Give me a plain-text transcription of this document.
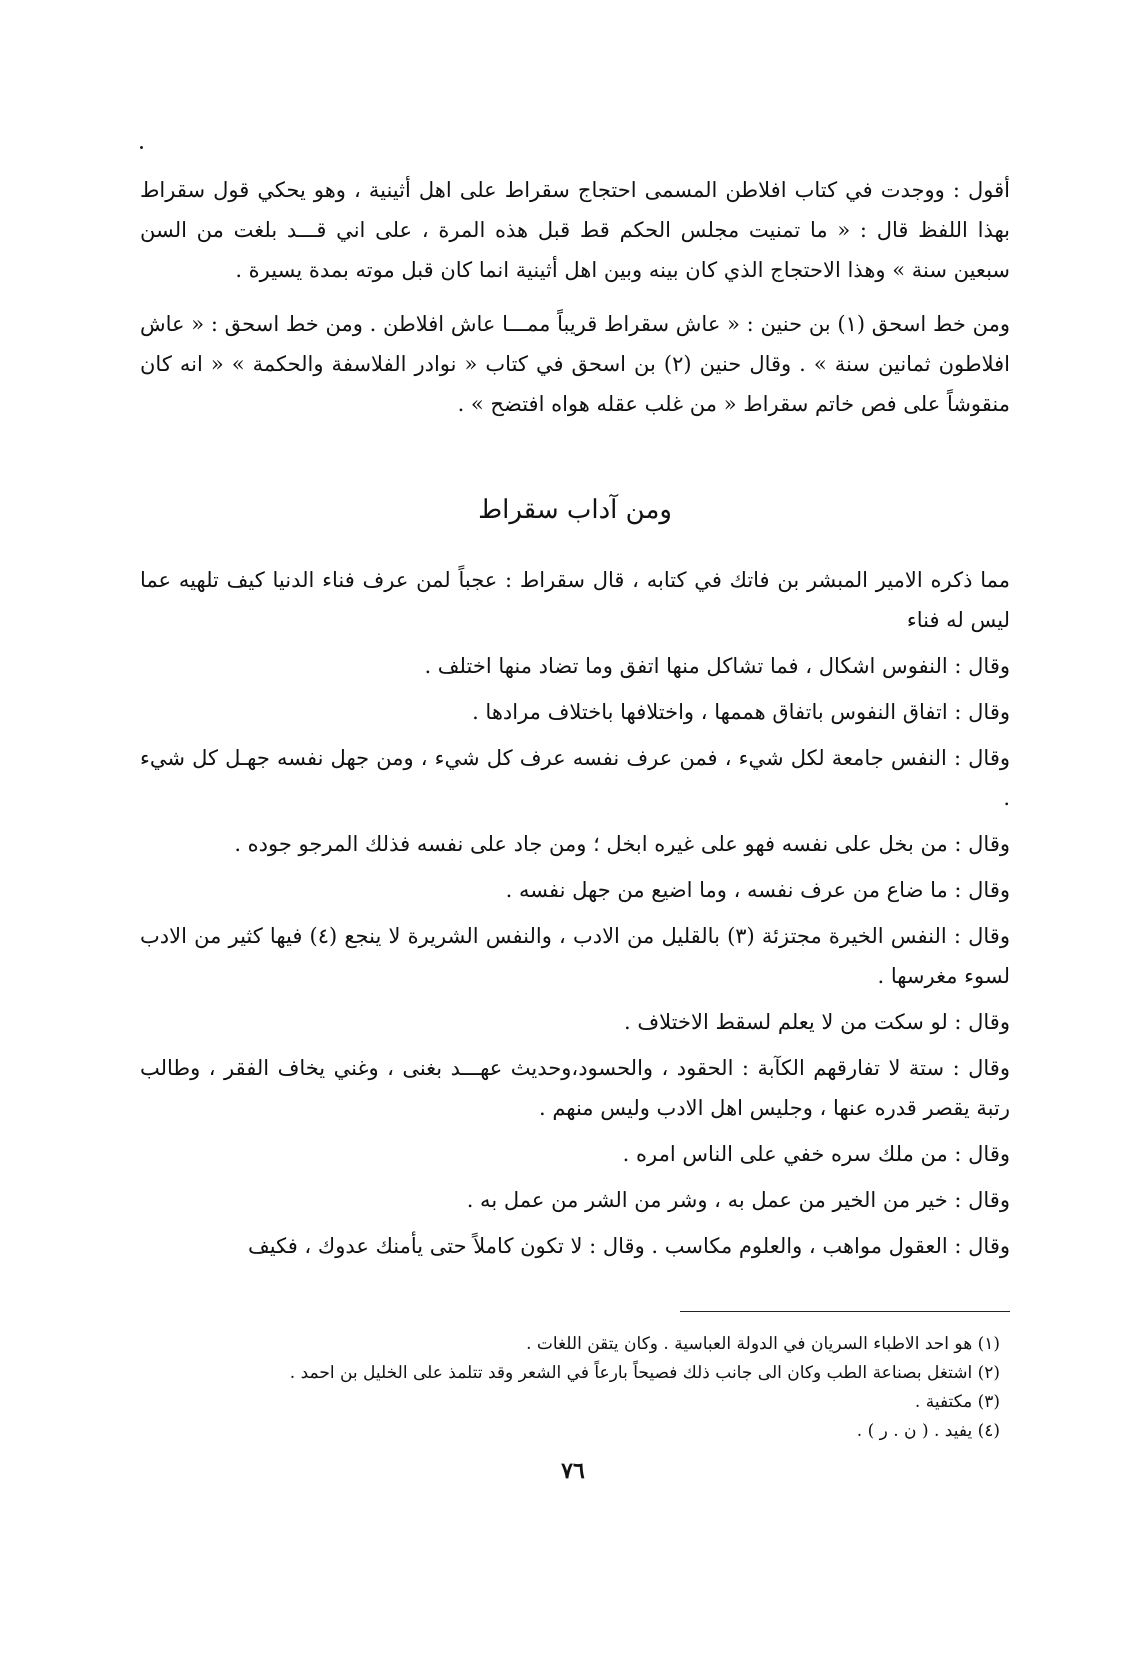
أقول : ووجدت في كتاب افلاطن المسمى احتجاج سقراط على اهل أثينية ، وهو يحكي قول سقراط بهذا اللفظ قال : « ما تمنيت مجلس الحكم قط قبل هذه المرة ، على اني قـــد بلغت من السن سبعين سنة » وهذا الاحتجاج الذي كان بينه وبين اهل أثينية انما كان قبل موته بمدة يسيرة .

ومن خط اسحق (١) بن حنين : « عاش سقراط قريباً ممـــا عاش افلاطن . ومن خط اسحق : « عاش افلاطون ثمانين سنة » . وقال حنين (٢) بن اسحق في كتاب « نوادر الفلاسفة والحكمة » « انه كان منقوشاً على فص خاتم سقراط « من غلب عقله هواه افتضح » .

ومن آداب سقراط

مما ذكره الامير المبشر بن فاتك في كتابه ، قال سقراط : عجباً لمن عرف فناء الدنيا كيف تلهيه عما ليس له فناء

وقال : النفوس اشكال ، فما تشاكل منها اتفق وما تضاد منها اختلف .

وقال : اتفاق النفوس باتفاق هممها ، واختلافها باختلاف مرادها .

وقال : النفس جامعة لكل شيء ، فمن عرف نفسه عرف كل شيء ، ومن جهل نفسه جهـل كل شيء .

وقال : من بخل على نفسه فهو على غيره ابخل ؛ ومن جاد على نفسه فذلك المرجو جوده .

وقال : ما ضاع من عرف نفسه ، وما اضيع من جهل نفسه .

وقال : النفس الخيرة مجتزئة (٣) بالقليل من الادب ، والنفس الشريرة لا ينجع (٤) فيها كثير من الادب لسوء مغرسها .

وقال : لو سكت من لا يعلم لسقط الاختلاف .

وقال : ستة لا تفارقهم الكآبة : الحقود ، والحسود،وحديث عهـــد بغنى ، وغني يخاف الفقر ، وطالب رتبة يقصر قدره عنها ، وجليس اهل الادب وليس منهم .

وقال : من ملك سره خفي على الناس امره .

وقال : خير من الخير من عمل به ، وشر من الشر من عمل به .

وقال : العقول مواهب ، والعلوم مكاسب . وقال : لا تكون كاملاً حتى يأمنك عدوك ، فكيف

(١) هو احد الاطباء السريان في الدولة العباسية . وكان يتقن اللغات .
(٢) اشتغل بصناعة الطب وكان الى جانب ذلك فصيحاً بارعاً في الشعر وقد تتلمذ على الخليل بن احمد .
(٣) مكتفية .
(٤) يفيد . ( ن . ر ) .
٧٦
